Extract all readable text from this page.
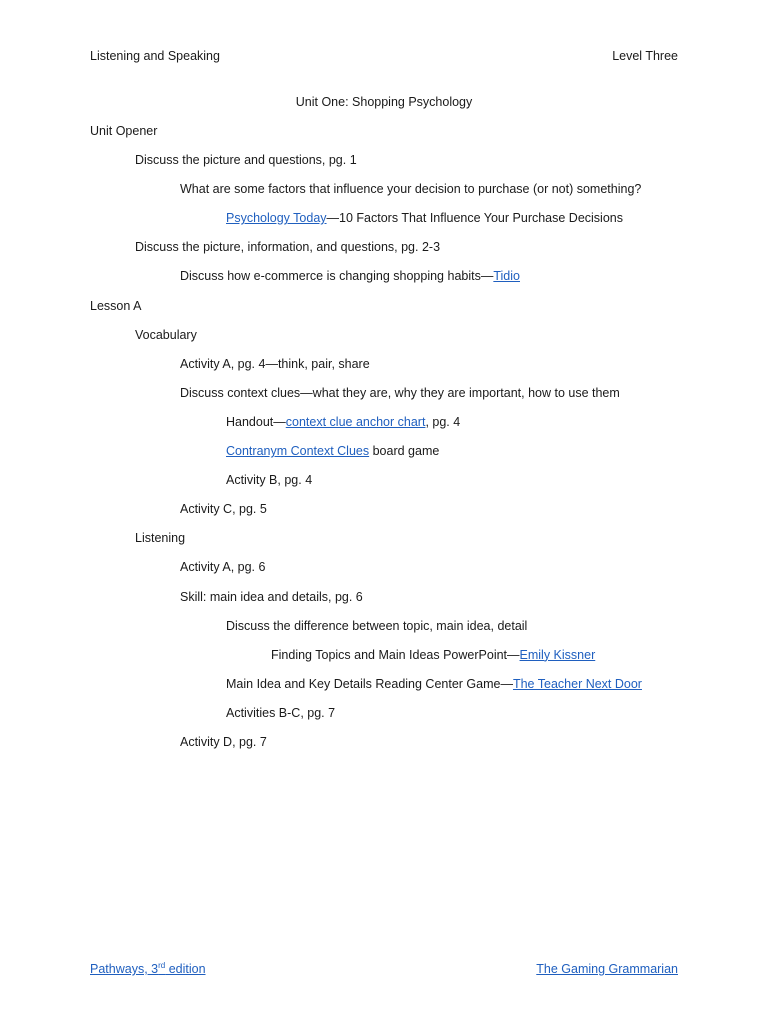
Listening and Speaking	Level Three
Unit One: Shopping Psychology
Unit Opener
Discuss the picture and questions, pg. 1
What are some factors that influence your decision to purchase (or not) something?
Psychology Today—10 Factors That Influence Your Purchase Decisions
Discuss the picture, information, and questions, pg. 2-3
Discuss how e-commerce is changing shopping habits—Tidio
Lesson A
Vocabulary
Activity A, pg. 4—think, pair, share
Discuss context clues—what they are, why they are important, how to use them
Handout—context clue anchor chart, pg. 4
Contranym Context Clues board game
Activity B, pg. 4
Activity C, pg. 5
Listening
Activity A, pg. 6
Skill: main idea and details, pg. 6
Discuss the difference between topic, main idea, detail
Finding Topics and Main Ideas PowerPoint—Emily Kissner
Main Idea and Key Details Reading Center Game—The Teacher Next Door
Activities B-C, pg. 7
Activity D, pg. 7
Pathways, 3rd edition	The Gaming Grammarian
